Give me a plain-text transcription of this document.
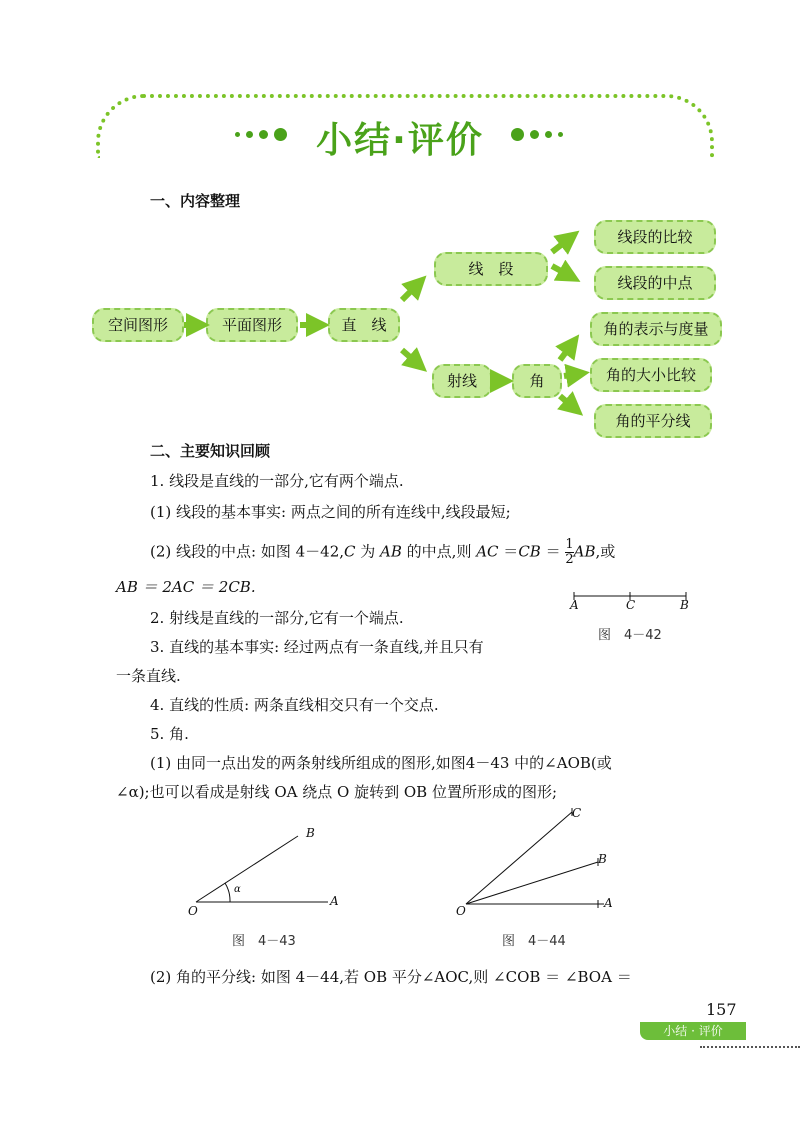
小结·评价
一、内容整理
空间图形	平面图形	直　线
线　段
射线	角
线段的比较
线段的中点
角的表示与度量
角的大小比较
角的平分线
二、主要知识回顾
1. 线段是直线的一部分,它有两个端点.
(1) 线段的基本事实: 两点之间的所有连线中,线段最短;
(2) 线段的中点: 如图 4－42,C 为 AB 的中点,则 AC $=CB = \frac{1}{2}$ AB,或
AB ＝ 2AC ＝ 2CB.
2. 射线是直线的一部分,它有一个端点.
3. 直线的基本事实: 经过两点有一条直线,并且只有
一条直线.
4. 直线的性质: 两条直线相交只有一个交点.
5. 角.
(1) 由同一点出发的两条射线所组成的图形,如图4－43 中的∠AOB(或
∠α);也可以看成是射线 OA 绕点 O 旋转到 OB 位置所形成的图形;
(2) 角的平分线: 如图 4－44,若 OB 平分∠AOC,则 ∠COB ＝ ∠BOA ＝
A	C	B
图　4－42
O
A
B
α
图　4－43
O
A
B
C
图　4－44
157
小结 · 评价
